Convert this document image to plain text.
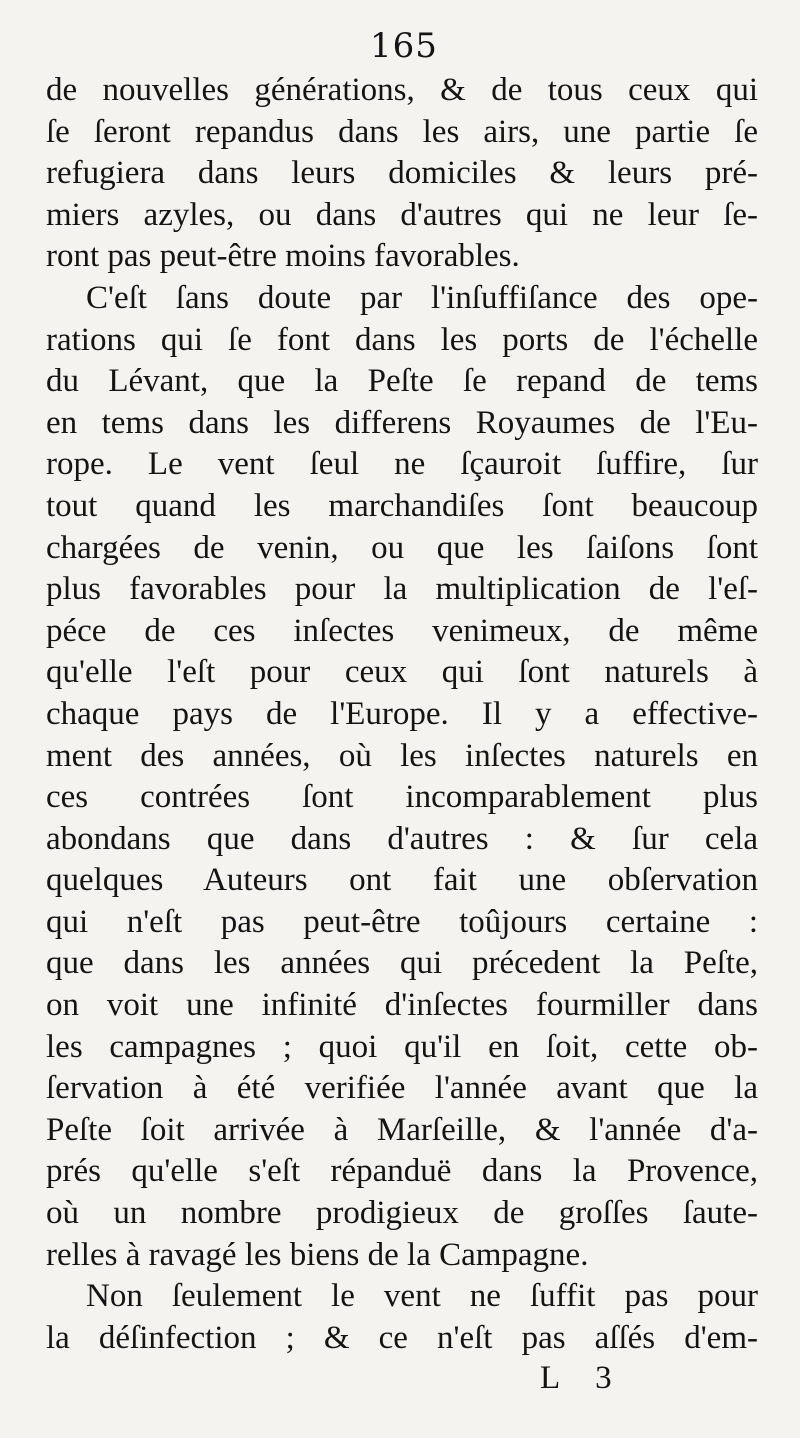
165
de nouvelles générations, & de tous ceux qui
ſe ſeront repandus dans les airs, une partie ſe
refugiera dans leurs domiciles & leurs pré-
miers azyles, ou dans d'autres qui ne leur ſe-
ront pas peut-être moins favorables.
C'eſt ſans doute par l'inſuffiſance des ope-
rations qui ſe font dans les ports de l'échelle
du Lévant, que la Peſte ſe repand de tems
en tems dans les differens Royaumes de l'Eu-
rope. Le vent ſeul ne ſçauroit ſuffire, ſur
tout quand les marchandiſes ſont beaucoup
chargées de venin, ou que les ſaiſons ſont
plus favorables pour la multiplication de l'eſ-
péce de ces inſectes venimeux, de même
qu'elle l'eſt pour ceux qui ſont naturels à
chaque pays de l'Europe. Il y a effective-
ment des années, où les inſectes naturels en
ces contrées ſont incomparablement plus
abondans que dans d'autres : & ſur cela
quelques Auteurs ont fait une obſervation
qui n'eſt pas peut-être toûjours certaine :
que dans les années qui précedent la Peſte,
on voit une infinité d'inſectes fourmiller dans
les campagnes ; quoi qu'il en ſoit, cette ob-
ſervation à été verifiée l'année avant que la
Peſte ſoit arrivée à Marſeille, & l'année d'a-
prés qu'elle s'eſt répanduë dans la Provence,
où un nombre prodigieux de groſſes ſaute-
relles à ravagé les biens de la Campagne.
Non ſeulement le vent ne ſuffit pas pour
la déſinfection ; & ce n'eſt pas aſſés d'em-
L 3
